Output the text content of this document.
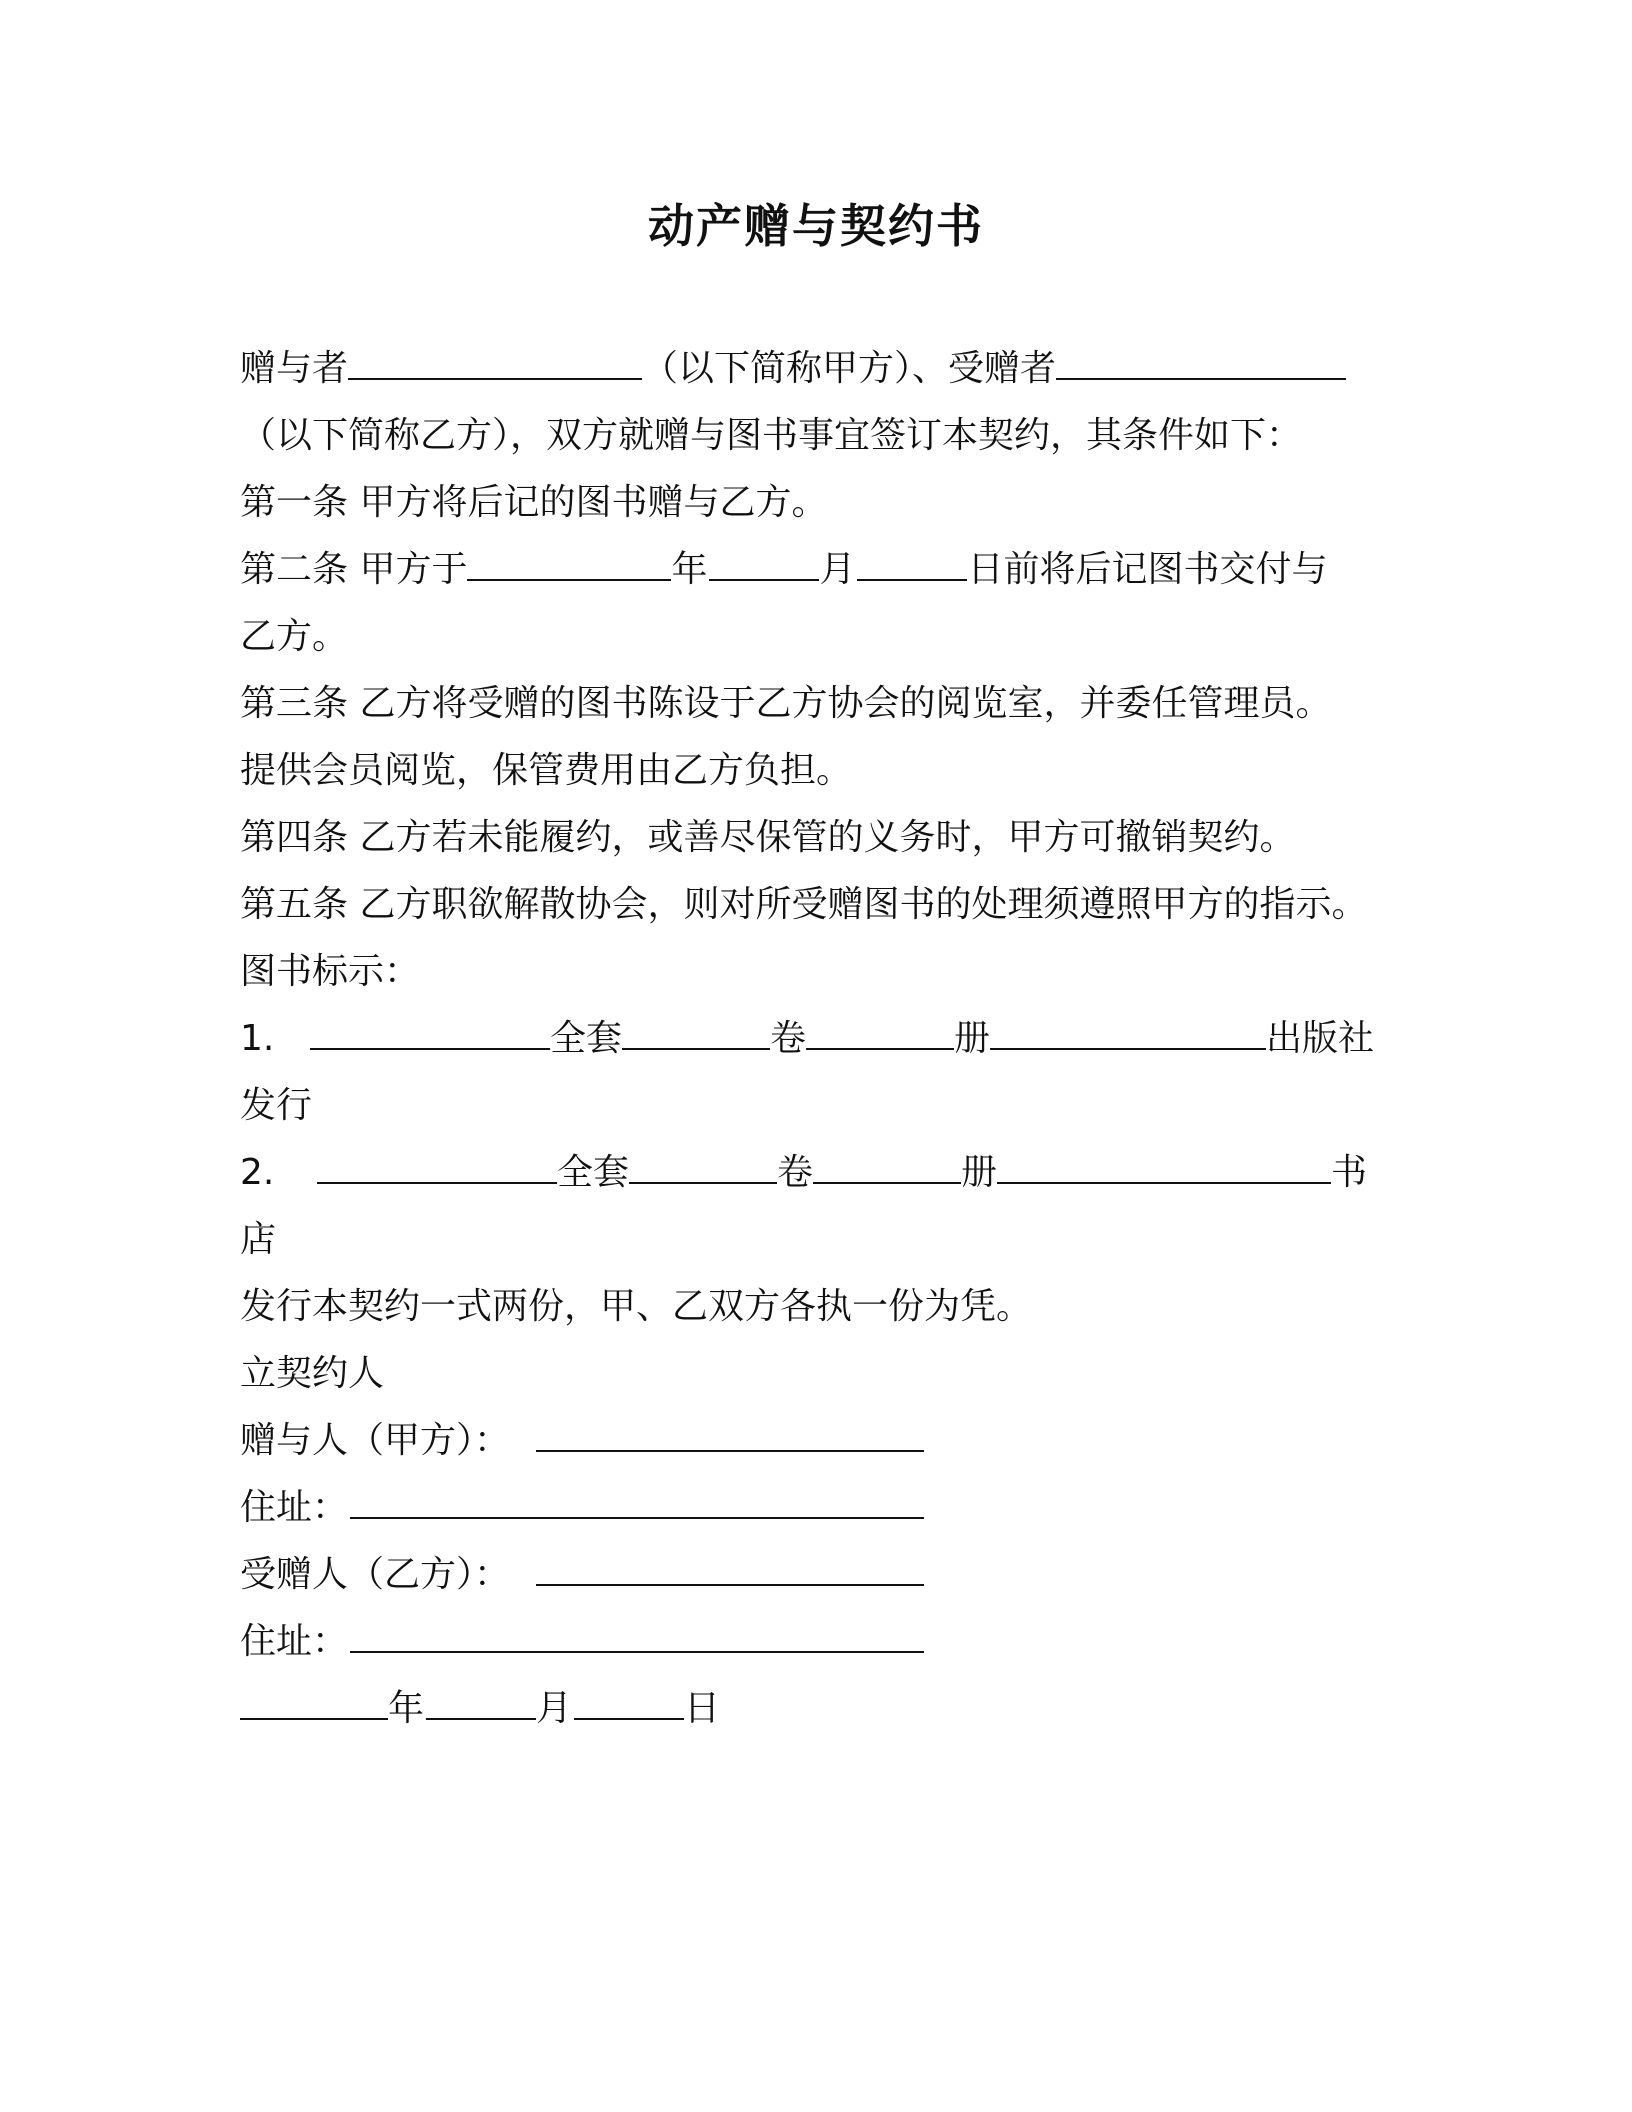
动产赠与契约书
赠与者	（以下简称甲方）、受赠者
（以下简称乙方），双方就赠与图书事宜签订本契约，其条件如下：
第一条 甲方将后记的图书赠与乙方。
第二条 甲方于	年	月	日前将后记图书交付与
乙方。
第三条 乙方将受赠的图书陈设于乙方协会的阅览室，并委任管理员。
提供会员阅览，保管费用由乙方负担。
第四条 乙方若未能履约，或善尽保管的义务时，甲方可撤销契约。
第五条 乙方职欲解散协会，则对所受赠图书的处理须遵照甲方的指示。
图书标示：
1.	全套	卷	册	出版社
发行
2.	全套	卷	册	书
店
发行本契约一式两份，甲、乙双方各执一份为凭。
立契约人
赠与人（甲方）：
住址：
受赠人（乙方）：
住址：
年	月	日
